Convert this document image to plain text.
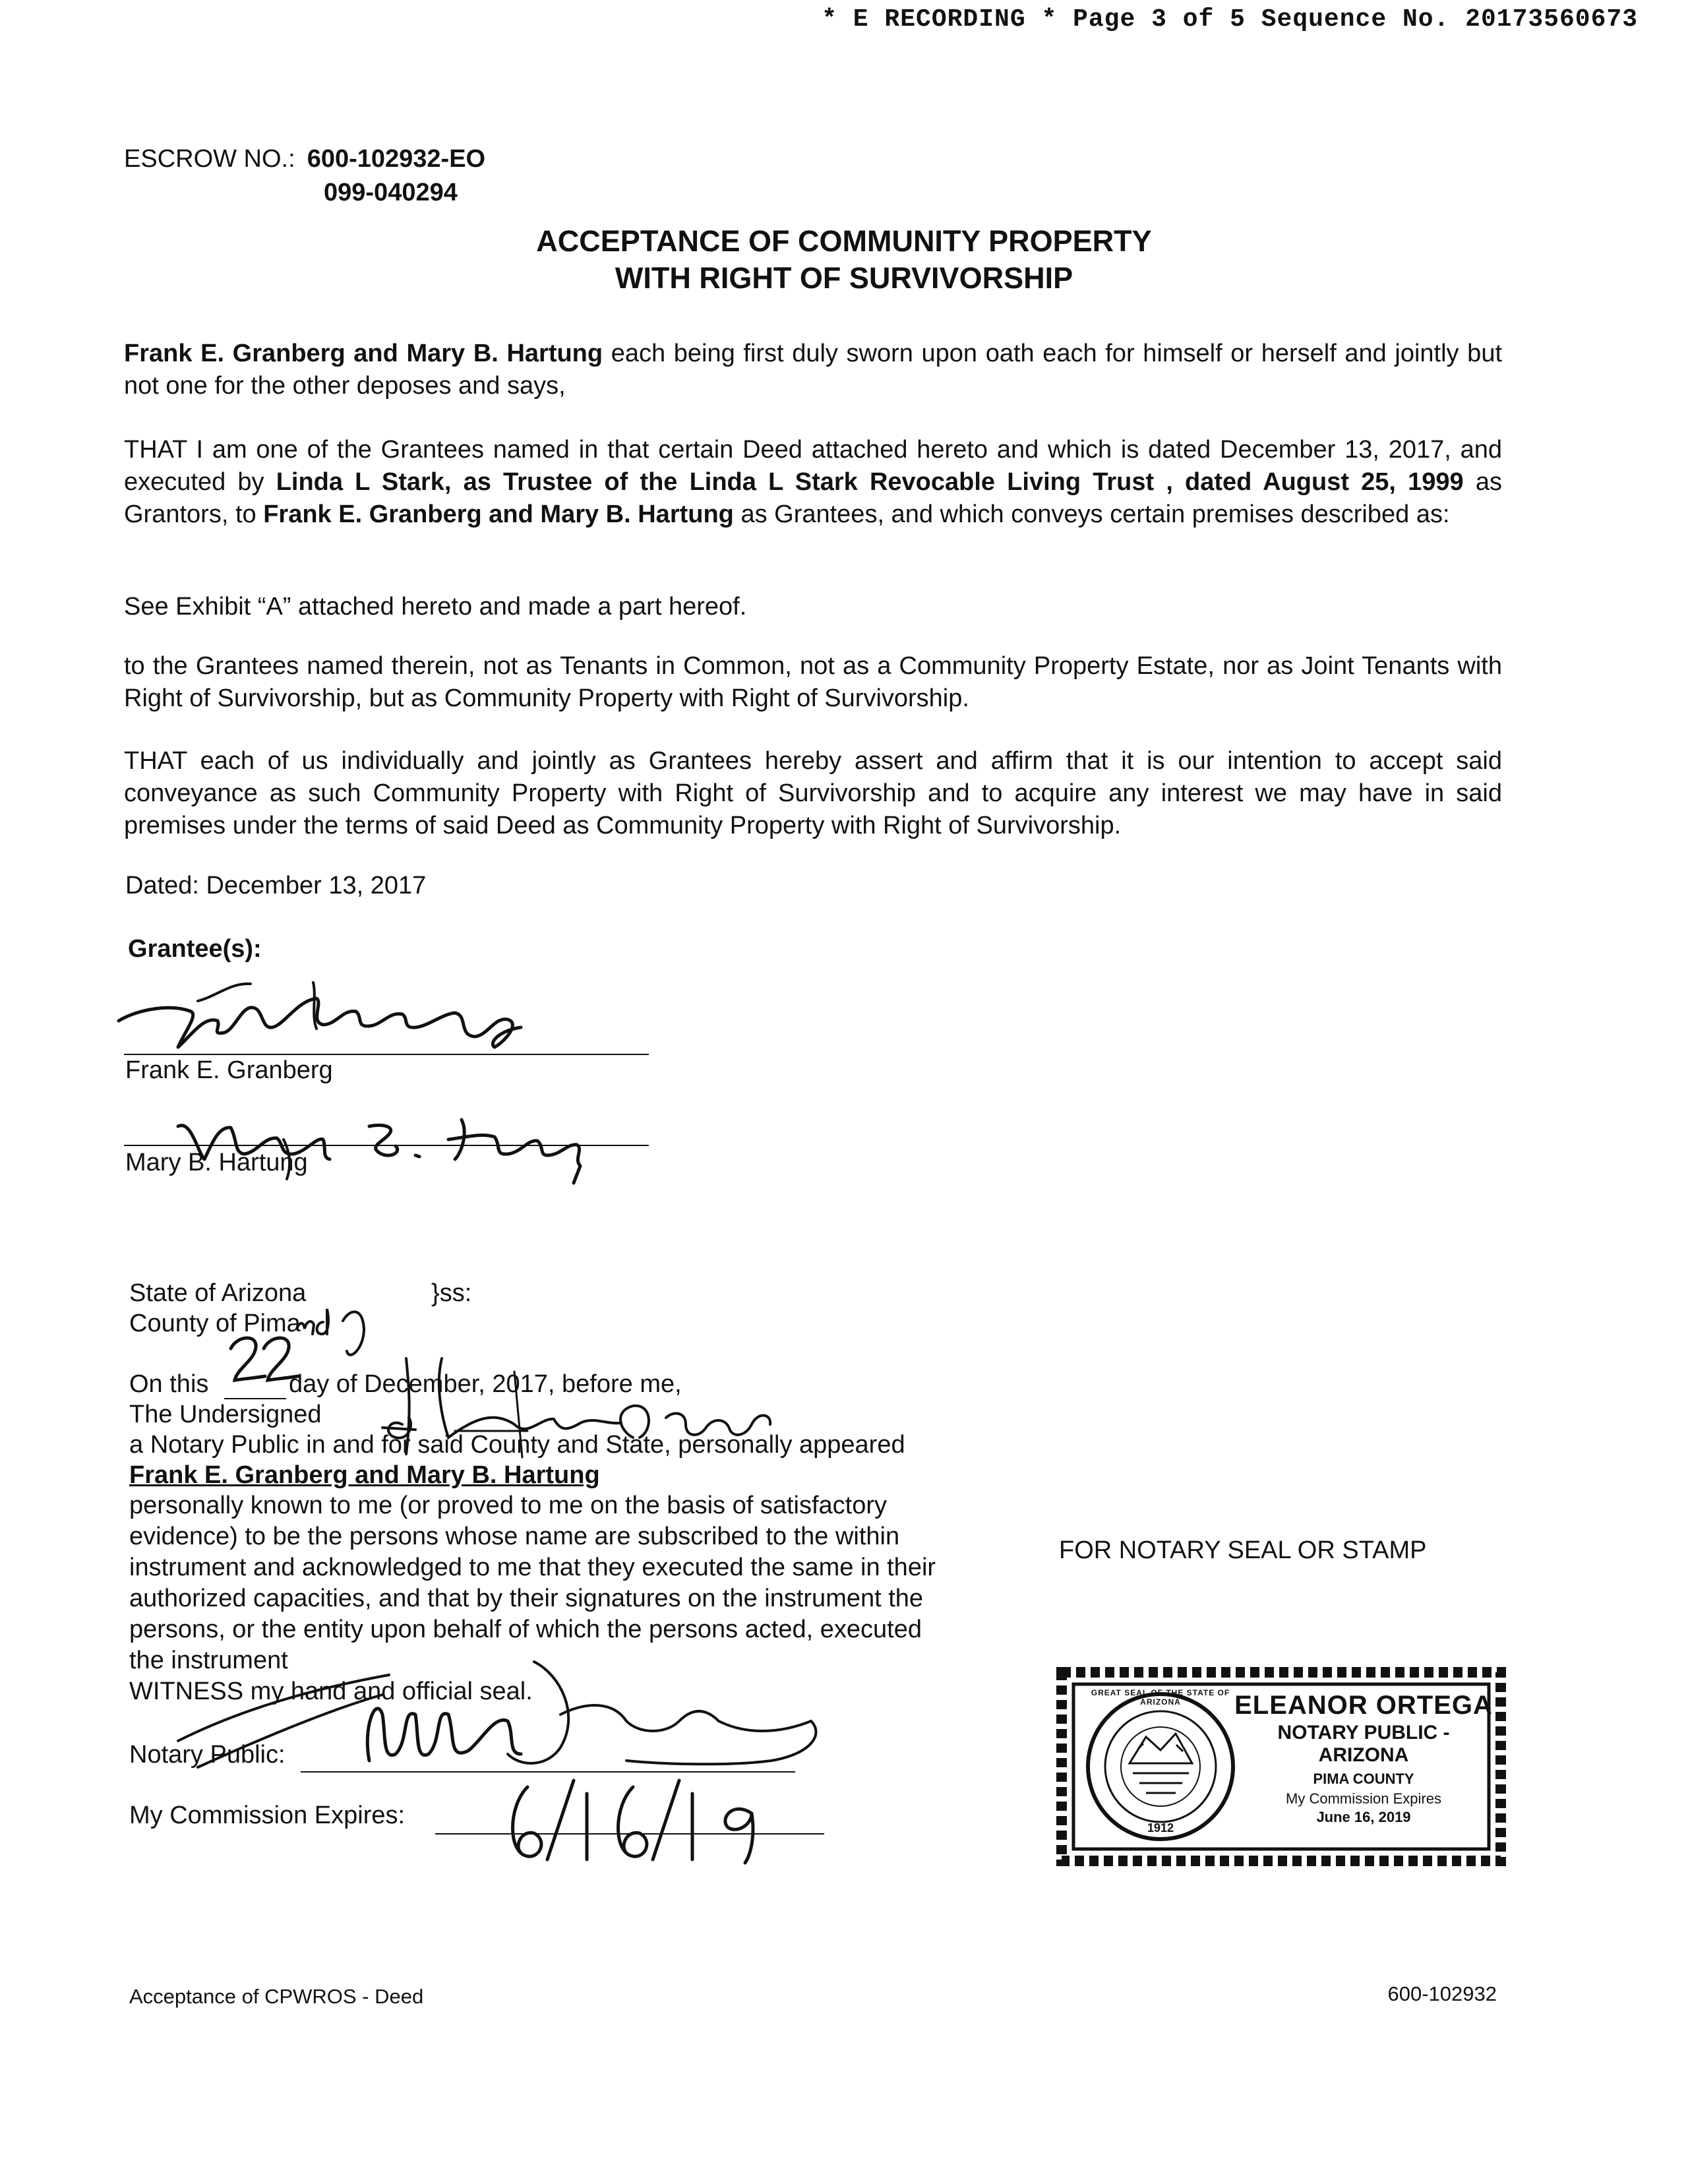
* E RECORDING * Page 3 of 5 Sequence No. 20173560673
ESCROW NO.: 600-102932-EO
099-040294
ACCEPTANCE OF COMMUNITY PROPERTY
WITH RIGHT OF SURVIVORSHIP
Frank E. Granberg and Mary B. Hartung each being first duly sworn upon oath each for himself or herself and jointly but not one for the other deposes and says,
THAT I am one of the Grantees named in that certain Deed attached hereto and which is dated December 13, 2017, and executed by Linda L Stark, as Trustee of the Linda L Stark Revocable Living Trust , dated August 25, 1999 as Grantors, to Frank E. Granberg and Mary B. Hartung as Grantees, and which conveys certain premises described as:
See Exhibit “A” attached hereto and made a part hereof.
to the Grantees named therein, not as Tenants in Common, not as a Community Property Estate, nor as Joint Tenants with Right of Survivorship, but as Community Property with Right of Survivorship.
THAT each of us individually and jointly as Grantees hereby assert and affirm that it is our intention to accept said conveyance as such Community Property with Right of Survivorship and to acquire any interest we may have in said premises under the terms of said Deed as Community Property with Right of Survivorship.
Dated: December 13, 2017
Grantee(s):
Frank E. Granberg
Mary B. Hartung
State of Arizona	}ss:
County of Pima
On this	day of December, 2017, before me,
The Undersigned
a Notary Public in and for said County and State, personally appeared
Frank E. Granberg and Mary B. Hartung
personally known to me (or proved to me on the basis of satisfactory
evidence) to be the persons whose name are subscribed to the within
instrument and acknowledged to me that they executed the same in their
authorized capacities, and that by their signatures on the instrument the
persons, or the entity upon behalf of which the persons acted, executed
the instrument
WITNESS my hand and official seal.
Notary Public:
My Commission Expires:
FOR NOTARY SEAL OR STAMP
GREAT SEAL OF THE STATE OF ARIZONA
1912
ELEANOR ORTEGA
NOTARY PUBLIC - ARIZONA
PIMA COUNTY
My Commission Expires
June 16, 2019
Acceptance of CPWROS - Deed	600-102932
